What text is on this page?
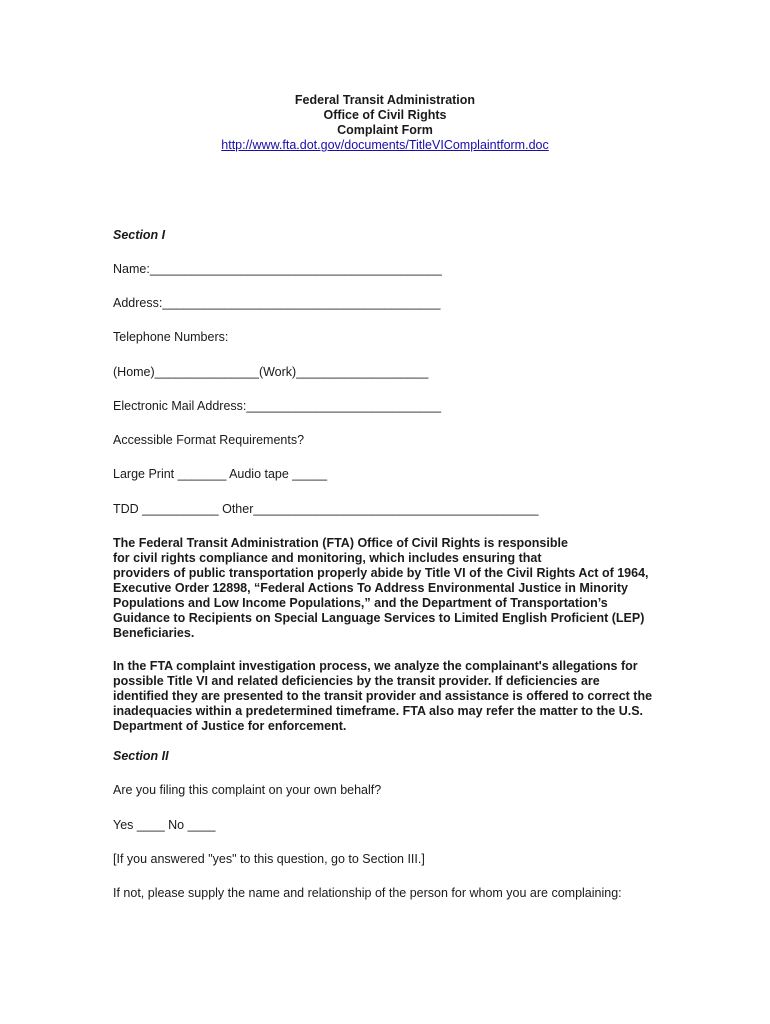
Federal Transit Administration
Office of Civil Rights
Complaint Form
http://www.fta.dot.gov/documents/TitleVIComplaintform.doc
Section I
Name:__________________________________________
Address:________________________________________
Telephone Numbers:
(Home)_______________(Work)___________________
Electronic Mail Address:____________________________
Accessible Format Requirements?
Large Print _______ Audio tape _____
TDD ___________ Other_________________________________________
The Federal Transit Administration (FTA) Office of Civil Rights is responsible
for civil rights compliance and monitoring, which includes ensuring that
providers of public transportation properly abide by Title VI of the Civil Rights Act of 1964,
Executive Order 12898, “Federal Actions To Address Environmental Justice in Minority
Populations and Low Income Populations,” and the Department of Transportation’s
Guidance to Recipients on Special Language Services to Limited English Proficient (LEP)
Beneficiaries.
In the FTA complaint investigation process, we analyze the complainant's allegations for
possible Title VI and related deficiencies by the transit provider. If deficiencies are
identified they are presented to the transit provider and assistance is offered to correct the
inadequacies within a predetermined timeframe. FTA also may refer the matter to the U.S.
Department of Justice for enforcement.
Section II
Are you filing this complaint on your own behalf?
Yes ____ No ____
[If you answered "yes" to this question, go to Section III.]
If not, please supply the name and relationship of the person for whom you are complaining:
